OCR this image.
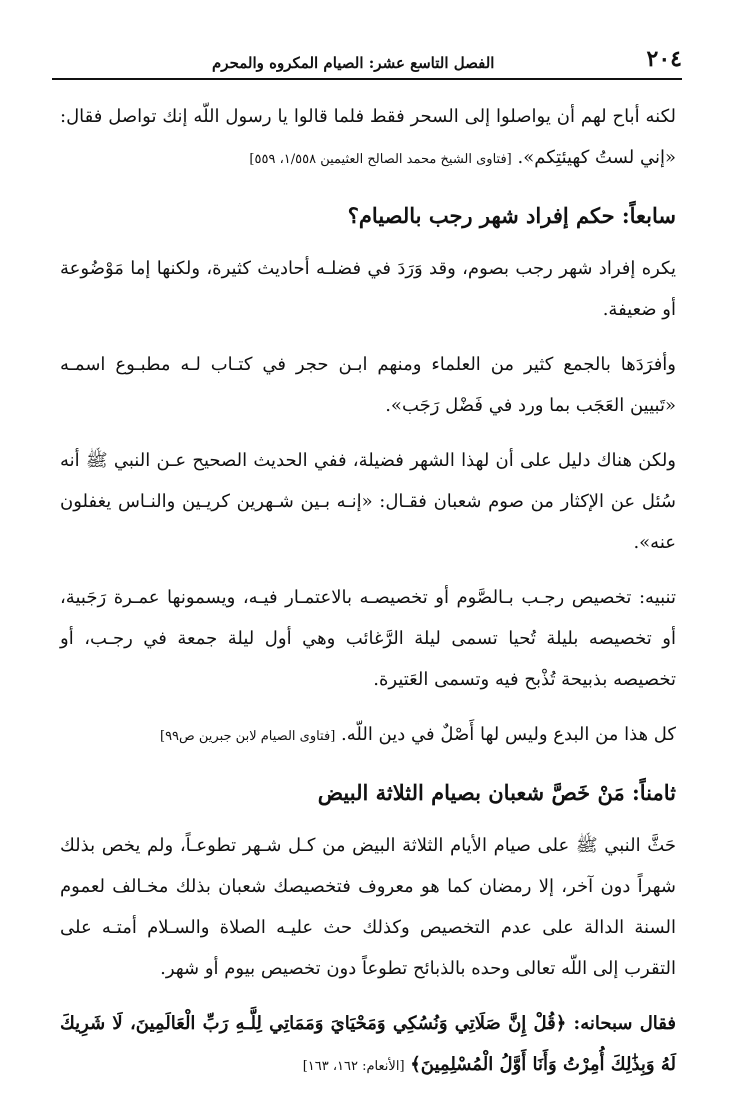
٢٠٤
الفصل التاسع عشر: الصيام المكروه والمحرم

لكنه أباح لهم أن يواصلوا إلى السحر فقط فلما قالوا يا رسول اللّه إنك تواصل فقال: «إني لستُ كهيئتِكم». [فتاوى الشيخ محمد الصالح العثيمين ١/٥٥٨، ٥٥٩]

سابعاً: حكم إفراد شهر رجب بالصيام؟

يكره إفراد شهر رجب بصوم، وقد وَرَدَ في فضلـه أحاديث كثيرة، ولكنها إما مَوْضُوعة أو ضعيفة.

وأفرَدَها بالجمع كثير من العلماء ومنهم ابـن حجر في كتـاب لـه مطبـوع اسمـه «تَبيين العَجَب بما ورد في فَضْل رَجَب».

ولكن هناك دليل على أن لهذا الشهر فضيلة، ففي الحديث الصحيح عـن النبي ﷺ أنه سُئل عن الإكثار من صوم شعبان فقـال: «إنـه بـين شـهرين كريـين والنـاس يغفلون عنه».

تنبيه: تخصيص رجـب بـالصَّوم أو تخصيصـه بالاعتمـار فيـه، ويسمونها عمـرة رَجَبية، أو تخصيصه بليلة تُحيا تسمى ليلة الرَّغائب وهي أول ليلة جمعة في رجـب، أو تخصيصه بذبيحة تُذْبح فيه وتسمى العَتيرة.

كل هذا من البدع وليس لها أَصْلٌ في دين اللّه. [فتاوى الصيام لابن جبرين ص٩٩]

ثامناً: مَنْ خَصَّ شعبان بصيام الثلاثة البيض

حَثَّ النبي ﷺ على صيام الأيام الثلاثة البيض من كـل شـهر تطوعـاً، ولم يخص بذلك شهراً دون آخر، إلا رمضان كما هو معروف فتخصيصك شعبان بذلك مخـالف لعموم السنة الدالة على عدم التخصيص وكذلك حث عليـه الصلاة والسـلام أمتـه على التقرب إلى اللّه تعالى وحده بالذبائح تطوعاً دون تخصيص بيوم أو شهر.

فقال سبحانه: ﴿قُلْ إِنَّ صَلَاتِي وَنُسُكِي وَمَحْيَايَ وَمَمَاتِي لِلَّـهِ رَبِّ الْعَالَمِينَ، لَا شَرِيكَ لَهُ وَبِذَٰلِكَ أُمِرْتُ وَأَنَا أَوَّلُ الْمُسْلِمِينَ﴾ [الأنعام: ١٦٢، ١٦٣]
